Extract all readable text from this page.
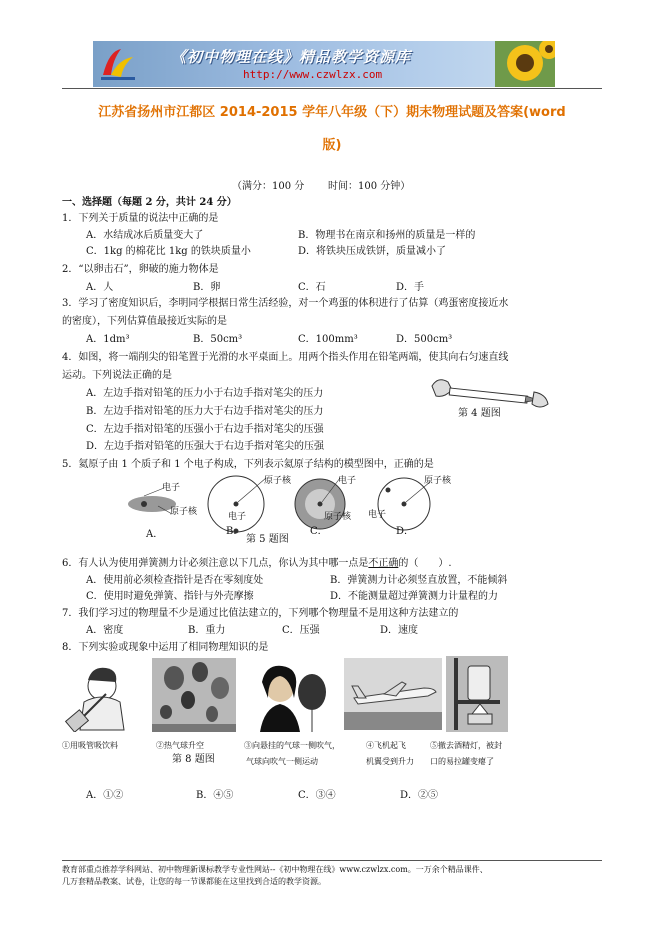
《初中物理在线》精品教学资源库
http://www.czwlzx.com
江苏省扬州市江都区 2014-2015 学年八年级（下）期末物理试题及答案(word
版)
（满分：100 分 时间：100 分钟）
一、选择题（每题 2 分，共计 24 分）
1．下列关于质量的说法中正确的是
A．水结成冰后质量变大了	B．物理书在南京和扬州的质量是一样的
C．1kg 的棉花比 1kg 的铁块质量小	D．将铁块压成铁饼，质量减小了
2．“以卵击石”，卵破的施力物体是
A．人	B．卵	C．石	D．手
3．学习了密度知识后，李明同学根据日常生活经验，对一个鸡蛋的体积进行了估算（鸡蛋密度接近水
的密度），下列估算值最接近实际的是
A．1dm³	B．50cm³	C．100mm³	D．500cm³
4．如图，将一端削尖的铅笔置于光滑的水平桌面上。用两个指头作用在铅笔两端，使其向右匀速直线
运动。下列说法正确的是
A．左边手指对铅笔的压力小于右边手指对笔尖的压力
B．左边手指对铅笔的压力大于右边手指对笔尖的压力
C．左边手指对铅笔的压强小于右边手指对笔尖的压强
D．左边手指对铅笔的压强大于右边手指对笔尖的压强
第 4 题图
5．氦原子由 1 个质子和 1 个电子构成，下列表示氦原子结构的模型图中，正确的是
电子
原子核
原子核
电子
电子
原子核
原子核
电子
A．	B．	C．	D．
第 5 题图
6．有人认为使用弹簧测力计必须注意以下几点，你认为其中哪一点是不正确的（　　）.
A．使用前必须检查指针是否在零刻度处	B．弹簧测力计必须竖直放置，不能倾斜
C．使用时避免弹簧、指针与外壳摩擦	D．不能测量超过弹簧测力计量程的力
7．我们学习过的物理量不少是通过比值法建立的，下列哪个物理量不是用这种方法建立的
A．密度	B．重力	C．压强	D．速度
8．下列实验或现象中运用了相同物理知识的是
①用吸管吸饮料	②热气球升空	③向悬挂的气球一侧吹气，
气球向吹气一侧运动
④飞机起飞
机翼受到升力
⑤撤去酒精灯，被封
口的易拉罐变瘪了
第 8 题图
A．①②	B．④⑤	C．③④	D．②⑤
教育部重点推荐学科网站、初中物理新课标教学专业性网站--《初中物理在线》www.czwlzx.com。一万余个精品课件、
几万套精品教案、试卷，让您的每一节课都能在这里找到合适的教学资源。
